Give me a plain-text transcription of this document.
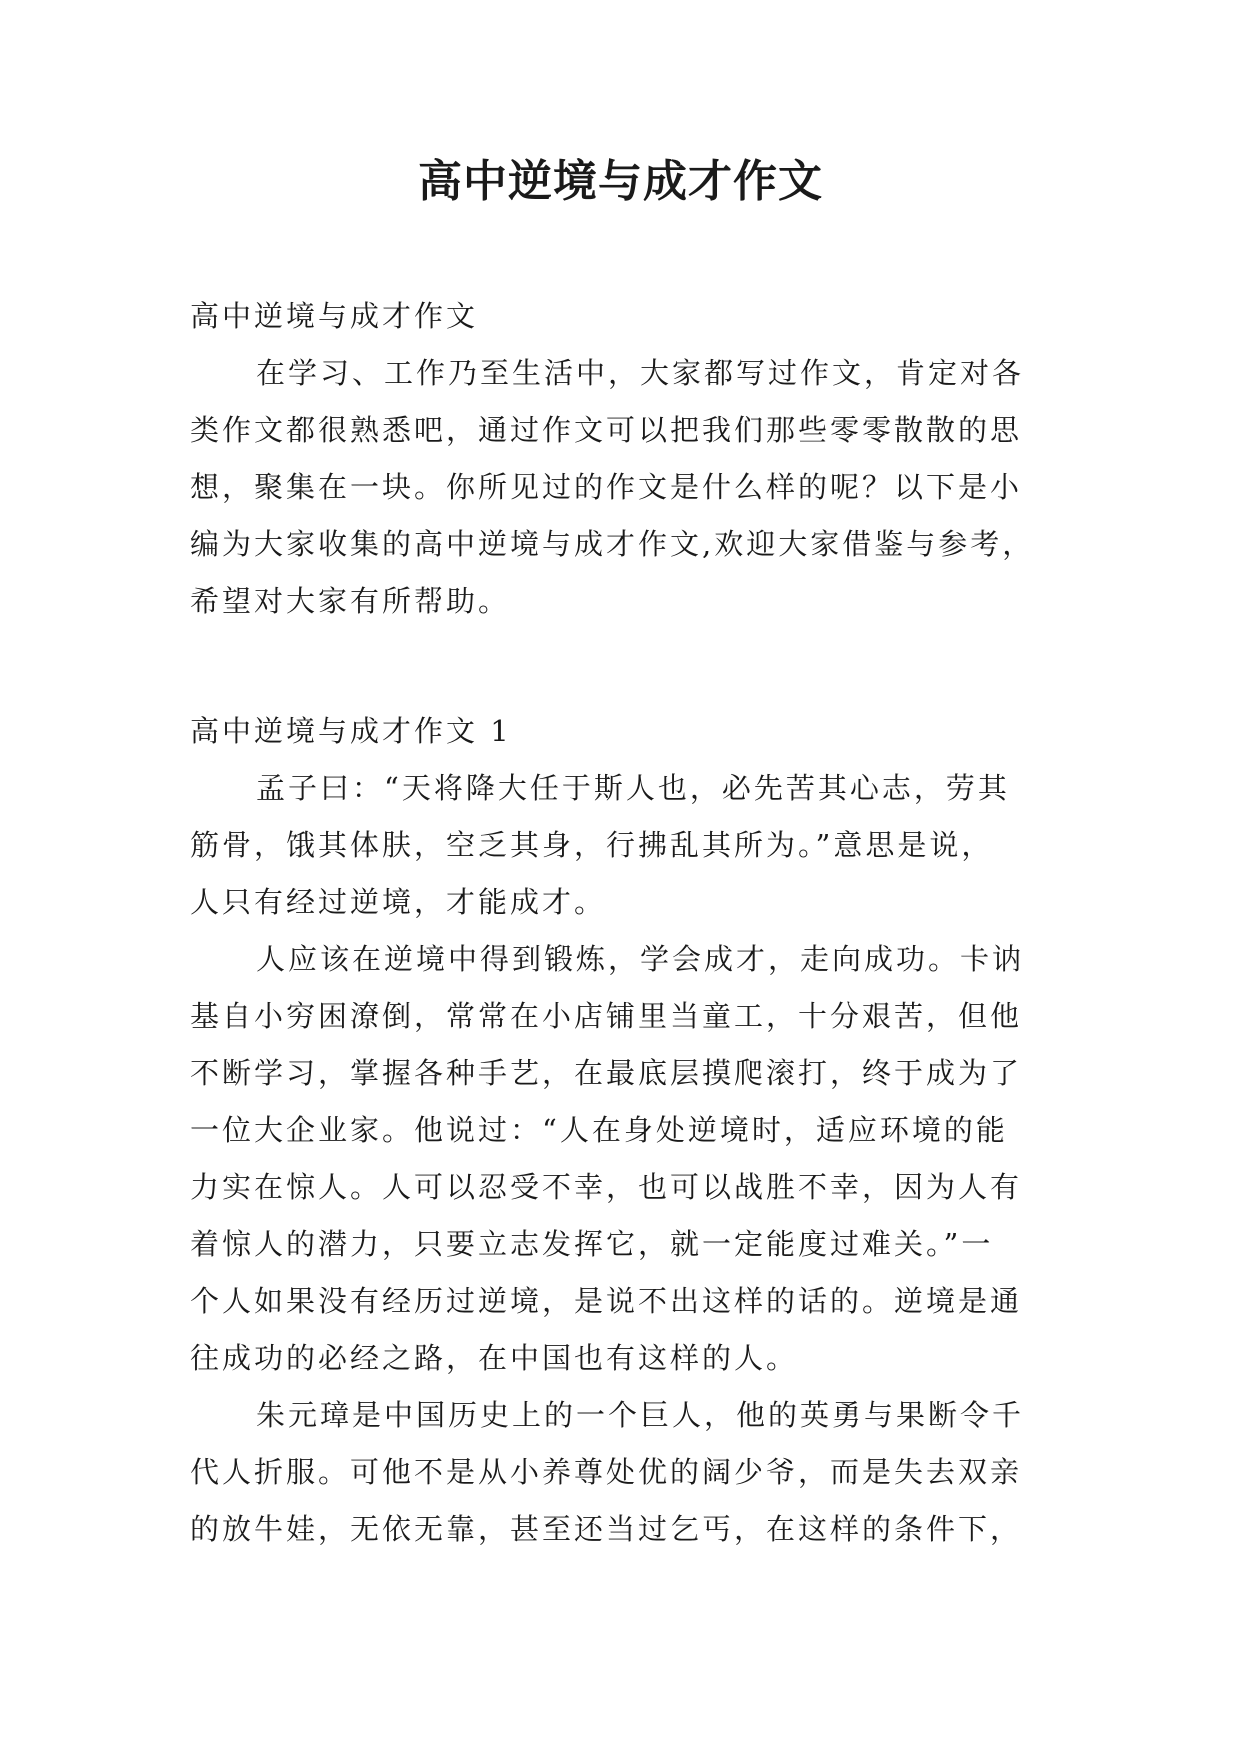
高中逆境与成才作文

高中逆境与成才作文

在学习、工作乃至生活中，大家都写过作文，肯定对各

类作文都很熟悉吧，通过作文可以把我们那些零零散散的思

想，聚集在一块。你所见过的作文是什么样的呢？以下是小

编为大家收集的高中逆境与成才作文,欢迎大家借鉴与参考，

希望对大家有所帮助。

高中逆境与成才作文 1

孟子曰：“天将降大任于斯人也，必先苦其心志，劳其

筋骨，饿其体肤，空乏其身，行拂乱其所为。”意思是说，

人只有经过逆境，才能成才。

人应该在逆境中得到锻炼，学会成才，走向成功。卡讷

基自小穷困潦倒，常常在小店铺里当童工，十分艰苦，但他

不断学习，掌握各种手艺，在最底层摸爬滚打，终于成为了

一位大企业家。他说过：“人在身处逆境时，适应环境的能

力实在惊人。人可以忍受不幸，也可以战胜不幸，因为人有

着惊人的潜力，只要立志发挥它，就一定能度过难关。”一

个人如果没有经历过逆境，是说不出这样的话的。逆境是通

往成功的必经之路，在中国也有这样的人。

朱元璋是中国历史上的一个巨人，他的英勇与果断令千

代人折服。可他不是从小养尊处优的阔少爷，而是失去双亲

的放牛娃，无依无靠，甚至还当过乞丐，在这样的条件下，
